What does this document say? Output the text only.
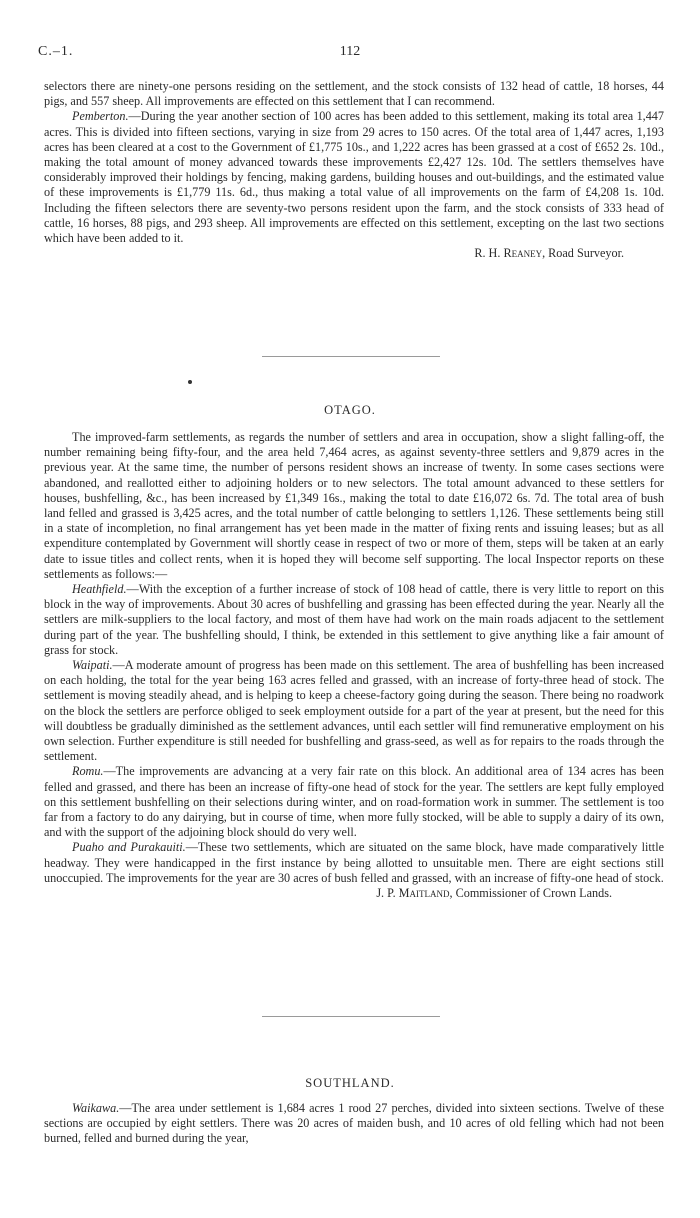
C.–1.	112

selectors there are ninety-one persons residing on the settlement, and the stock consists of 132 head of cattle, 18 horses, 44 pigs, and 557 sheep. All improvements are effected on this settlement that I can recommend.

Pemberton.—During the year another section of 100 acres has been added to this settlement, making its total area 1,447 acres. This is divided into fifteen sections, varying in size from 29 acres to 150 acres. Of the total area of 1,447 acres, 1,193 acres has been cleared at a cost to the Government of £1,775 10s., and 1,222 acres has been grassed at a cost of £652 2s. 10d., making the total amount of money advanced towards these improvements £2,427 12s. 10d. The settlers themselves have considerably improved their holdings by fencing, making gardens, building houses and out-buildings, and the estimated value of these improvements is £1,779 11s. 6d., thus making a total value of all improvements on the farm of £4,208 1s. 10d. Including the fifteen selectors there are seventy-two persons resident upon the farm, and the stock consists of 333 head of cattle, 16 horses, 88 pigs, and 293 sheep. All improvements are effected on this settlement, excepting on the last two sections which have been added to it.

R. H. Reaney, Road Surveyor.

OTAGO.

The improved-farm settlements, as regards the number of settlers and area in occupation, show a slight falling-off, the number remaining being fifty-four, and the area held 7,464 acres, as against seventy-three settlers and 9,879 acres in the previous year. At the same time, the number of persons resident shows an increase of twenty. In some cases sections were abandoned, and reallotted either to adjoining holders or to new selectors. The total amount advanced to these settlers for houses, bushfelling, &c., has been increased by £1,349 16s., making the total to date £16,072 6s. 7d. The total area of bush land felled and grassed is 3,425 acres, and the total number of cattle belonging to settlers 1,126. These settlements being still in a state of incompletion, no final arrangement has yet been made in the matter of fixing rents and issuing leases; but as all expenditure contemplated by Government will shortly cease in respect of two or more of them, steps will be taken at an early date to issue titles and collect rents, when it is hoped they will become self supporting. The local Inspector reports on these settlements as follows:—

Heathfield.—With the exception of a further increase of stock of 108 head of cattle, there is very little to report on this block in the way of improvements. About 30 acres of bushfelling and grassing has been effected during the year. Nearly all the settlers are milk-suppliers to the local factory, and most of them have had work on the main roads adjacent to the settlement during part of the year. The bushfelling should, I think, be extended in this settlement to give anything like a fair amount of grass for stock.

Waipati.—A moderate amount of progress has been made on this settlement. The area of bushfelling has been increased on each holding, the total for the year being 163 acres felled and grassed, with an increase of forty-three head of stock. The settlement is moving steadily ahead, and is helping to keep a cheese-factory going during the season. There being no roadwork on the block the settlers are perforce obliged to seek employment outside for a part of the year at present, but the need for this will doubtless be gradually diminished as the settlement advances, until each settler will find remunerative employment on his own selection. Further expenditure is still needed for bushfelling and grass-seed, as well as for repairs to the roads through the settlement.

Romu.—The improvements are advancing at a very fair rate on this block. An additional area of 134 acres has been felled and grassed, and there has been an increase of fifty-one head of stock for the year. The settlers are kept fully employed on this settlement bushfelling on their selections during winter, and on road-formation work in summer. The settlement is too far from a factory to do any dairying, but in course of time, when more fully stocked, will be able to supply a dairy of its own, and with the support of the adjoining block should do very well.

Puaho and Purakauiti.—These two settlements, which are situated on the same block, have made comparatively little headway. They were handicapped in the first instance by being allotted to unsuitable men. There are eight sections still unoccupied. The improvements for the year are 30 acres of bush felled and grassed, with an increase of fifty-one head of stock.

J. P. Maitland, Commissioner of Crown Lands.

SOUTHLAND.

Waikawa.—The area under settlement is 1,684 acres 1 rood 27 perches, divided into sixteen sections. Twelve of these sections are occupied by eight settlers. There was 20 acres of maiden bush, and 10 acres of old felling which had not been burned, felled and burned during the year,
